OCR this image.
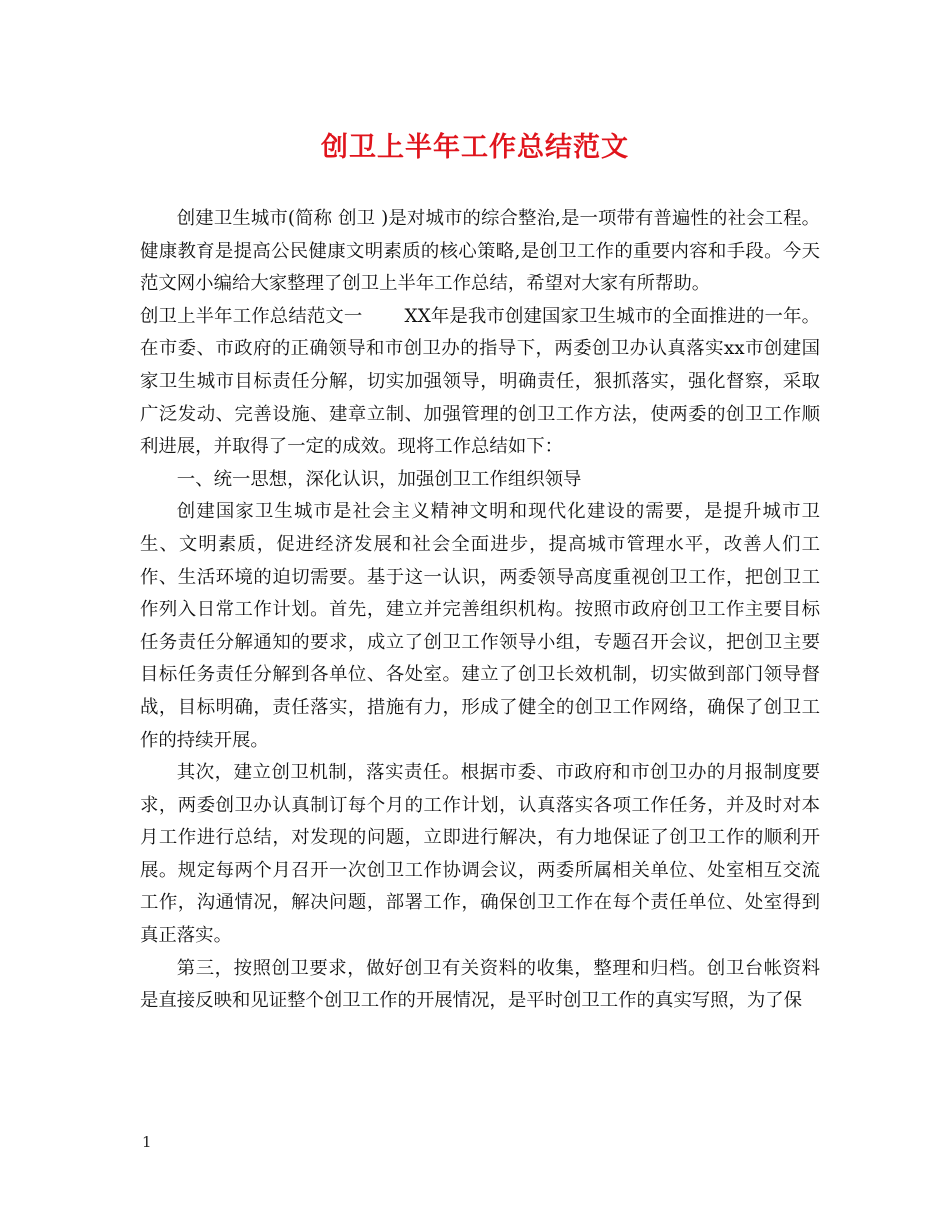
创卫上半年工作总结范文

创建卫生城市(简称 创卫 )是对城市的综合整治,是一项带有普遍性的社会工程。健康教育是提高公民健康文明素质的核心策略,是创卫工作的重要内容和手段。今天范文网小编给大家整理了创卫上半年工作总结，希望对大家有所帮助。

创卫上半年工作总结范文一 XX年是我市创建国家卫生城市的全面推进的一年。在市委、市政府的正确领导和市创卫办的指导下，两委创卫办认真落实xx市创建国家卫生城市目标责任分解，切实加强领导，明确责任，狠抓落实，强化督察，采取广泛发动、完善设施、建章立制、加强管理的创卫工作方法，使两委的创卫工作顺利进展，并取得了一定的成效。现将工作总结如下：

一、统一思想，深化认识，加强创卫工作组织领导

创建国家卫生城市是社会主义精神文明和现代化建设的需要，是提升城市卫生、文明素质，促进经济发展和社会全面进步，提高城市管理水平，改善人们工作、生活环境的迫切需要。基于这一认识，两委领导高度重视创卫工作，把创卫工作列入日常工作计划。首先，建立并完善组织机构。按照市政府创卫工作主要目标任务责任分解通知的要求，成立了创卫工作领导小组，专题召开会议，把创卫主要目标任务责任分解到各单位、各处室。建立了创卫长效机制，切实做到部门领导督战，目标明确，责任落实，措施有力，形成了健全的创卫工作网络，确保了创卫工作的持续开展。

其次，建立创卫机制，落实责任。根据市委、市政府和市创卫办的月报制度要求，两委创卫办认真制订每个月的工作计划，认真落实各项工作任务，并及时对本月工作进行总结，对发现的问题，立即进行解决，有力地保证了创卫工作的顺利开展。规定每两个月召开一次创卫工作协调会议，两委所属相关单位、处室相互交流工作，沟通情况，解决问题，部署工作，确保创卫工作在每个责任单位、处室得到真正落实。

第三，按照创卫要求，做好创卫有关资料的收集，整理和归档。创卫台帐资料是直接反映和见证整个创卫工作的开展情况，是平时创卫工作的真实写照，为了保

1
